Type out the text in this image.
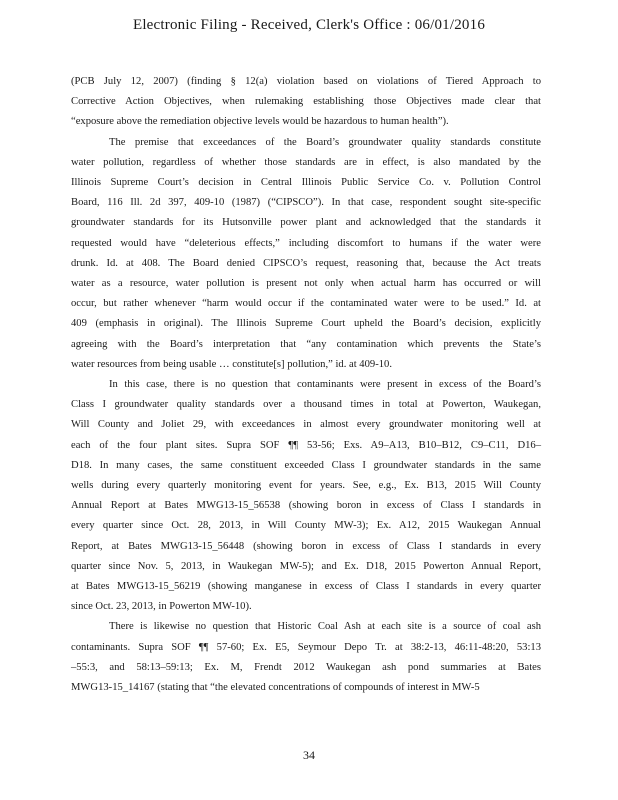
Electronic Filing - Received, Clerk's Office : 06/01/2016
(PCB July 12, 2007) (finding § 12(a) violation based on violations of Tiered Approach to
Corrective Action Objectives, when rulemaking establishing those Objectives made clear that
“exposure above the remediation objective levels would be hazardous to human health”).
The premise that exceedances of the Board’s groundwater quality standards constitute
water pollution, regardless of whether those standards are in effect, is also mandated by the
Illinois Supreme Court’s decision in Central Illinois Public Service Co. v. Pollution Control
Board, 116 Ill. 2d 397, 409-10 (1987) (“CIPSCO”). In that case, respondent sought site-specific
groundwater standards for its Hutsonville power plant and acknowledged that the standards it
requested would have “deleterious effects,” including discomfort to humans if the water were
drunk. Id. at 408. The Board denied CIPSCO’s request, reasoning that, because the Act treats
water as a resource, water pollution is present not only when actual harm has occurred or will
occur, but rather whenever “harm would occur if the contaminated water were to be used.” Id. at
409 (emphasis in original). The Illinois Supreme Court upheld the Board’s decision, explicitly
agreeing with the Board’s interpretation that “any contamination which prevents the State’s
water resources from being usable … constitute[s] pollution,” id. at 409-10.
In this case, there is no question that contaminants were present in excess of the Board’s
Class I groundwater quality standards over a thousand times in total at Powerton, Waukegan,
Will County and Joliet 29, with exceedances in almost every groundwater monitoring well at
each of the four plant sites. Supra SOF ¶¶ 53-56; Exs. A9–A13, B10–B12, C9–C11, D16–
D18. In many cases, the same constituent exceeded Class I groundwater standards in the same
wells during every quarterly monitoring event for years. See, e.g., Ex. B13, 2015 Will County
Annual Report at Bates MWG13-15_56538 (showing boron in excess of Class I standards in
every quarter since Oct. 28, 2013, in Will County MW-3); Ex. A12, 2015 Waukegan Annual
Report, at Bates MWG13-15_56448 (showing boron in excess of Class I standards in every
quarter since Nov. 5, 2013, in Waukegan MW-5); and Ex. D18, 2015 Powerton Annual Report,
at Bates MWG13-15_56219 (showing manganese in excess of Class I standards in every quarter
since Oct. 23, 2013, in Powerton MW-10).
There is likewise no question that Historic Coal Ash at each site is a source of coal ash
contaminants. Supra SOF ¶¶ 57-60; Ex. E5, Seymour Depo Tr. at 38:2-13, 46:11-48:20, 53:13
–55:3, and 58:13–59:13; Ex. M, Frendt 2012 Waukegan ash pond summaries at Bates
MWG13-15_14167 (stating that “the elevated concentrations of compounds of interest in MW-5
34
